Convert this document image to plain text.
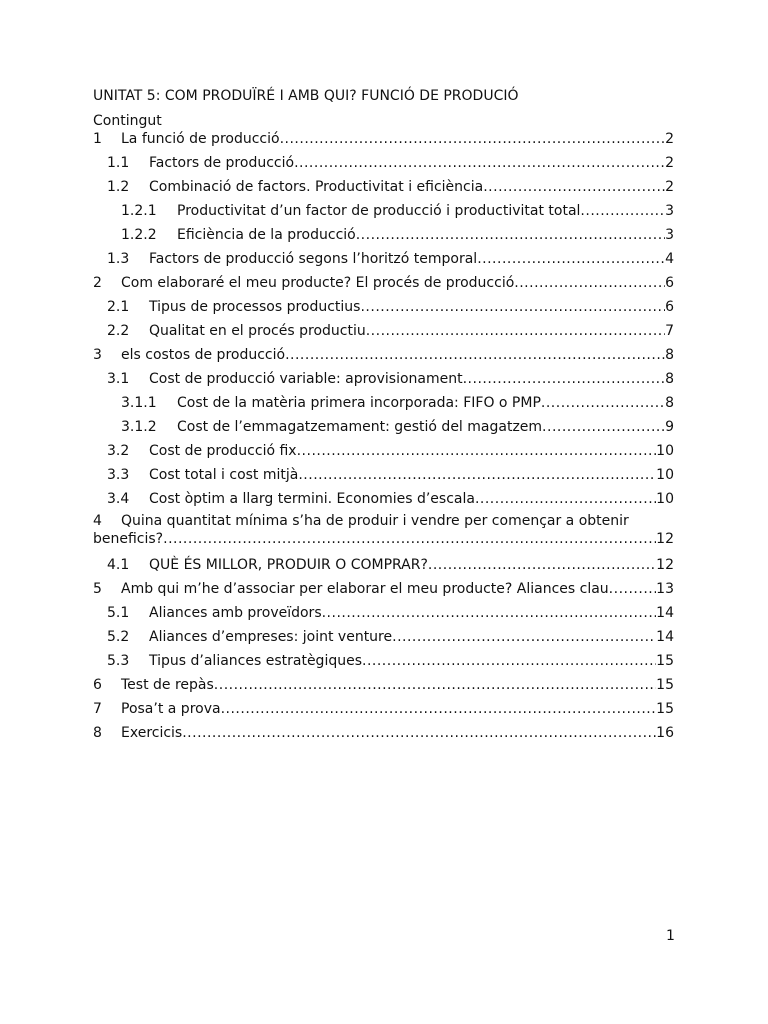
UNITAT 5: COM PRODUÏRÉ I AMB QUI? FUNCIÓ DE PRODUCIÓ
Contingut
1	La funció de producció .....	2
1.1	Factors de producció .....	2
1.2	Combinació de factors. Productivitat i eficiència .....	2
1.2.1	Productivitat d’un factor de producció i productivitat total .....	3
1.2.2	Eficiència de la producció .....	3
1.3	Factors de producció segons l’horitzó temporal .....	4
2	Com elaboraré el meu producte? El procés de producció .....	6
2.1	Tipus de processos productius .....	6
2.2	Qualitat en el procés productiu .....	7
3	els costos de producció .....	8
3.1	Cost de producció variable: aprovisionament .....	8
3.1.1	Cost de la matèria primera incorporada: FIFO o PMP .....	8
3.1.2	Cost de l’emmagatzemament: gestió del magatzem .....	9
3.2	Cost de producció fix .....	10
3.3	Cost total i cost mitjà .....	10
3.4	Cost òptim a llarg termini. Economies d’escala .....	10
4 Quina quantitat mínima s’ha de produir i vendre per començar a obtenir
beneficis? .....	12
4.1	QUÈ ÉS MILLOR, PRODUIR O COMPRAR? .....	12
5	Amb qui m’he d’associar per elaborar el meu producte? Aliances clau .....	13
5.1	Aliances amb proveïdors .....	14
5.2	Aliances d’empreses: joint venture .....	14
5.3	Tipus d’aliances estratègiques .....	15
6	Test de repàs .....	15
7	Posa’t a prova .....	15
8	Exercicis .....	16
1
